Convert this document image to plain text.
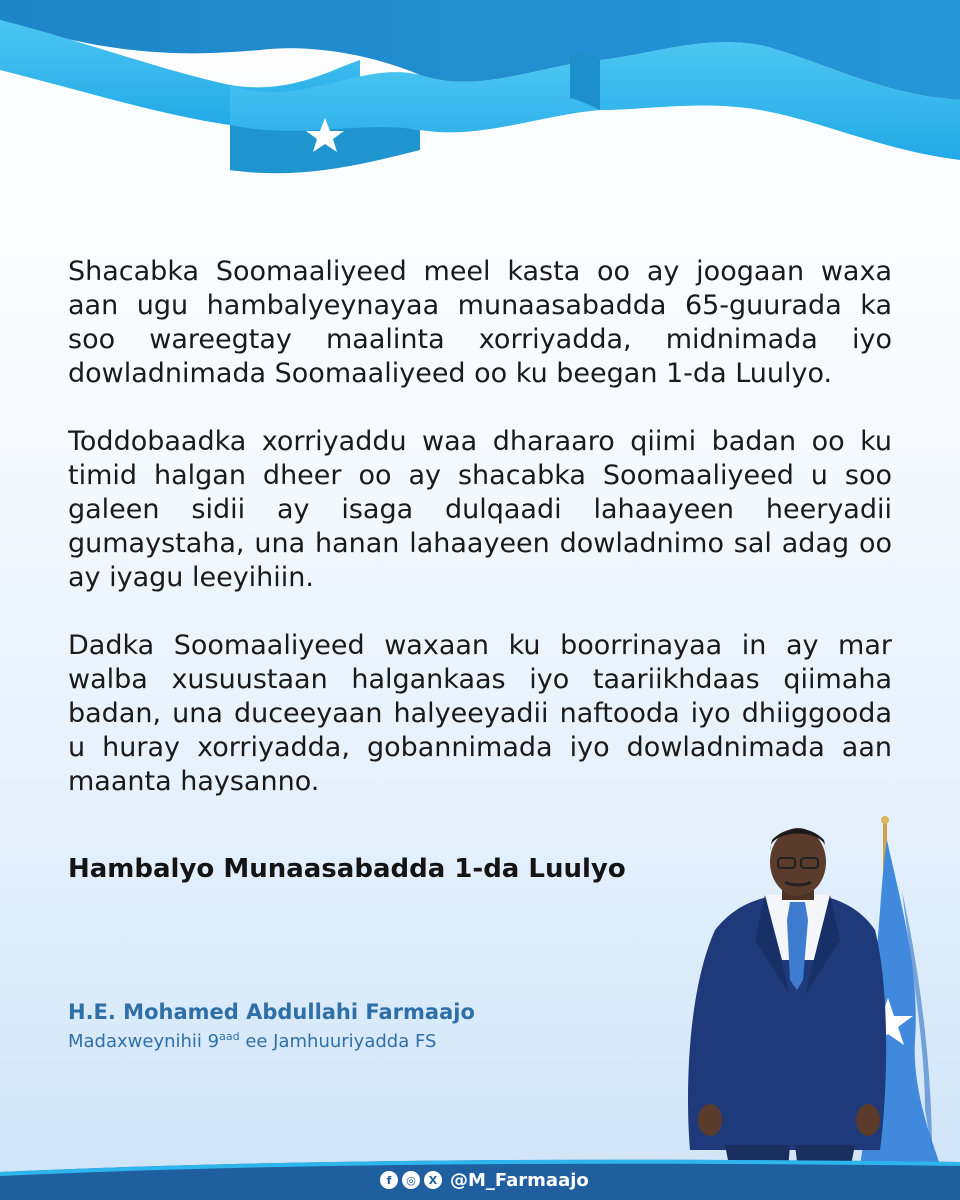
Shacabka Soomaaliyeed meel kasta oo ay joogaan waxa aan ugu hambalyeynayaa munaasabadda 65-guurada ka soo wareegtay maalinta xorriyadda, midnimada iyo dowladnimada Soomaaliyeed oo ku beegan 1-da Luulyo.

Toddobaadka xorriyaddu waa dharaaro qiimi badan oo ku timid halgan dheer oo ay shacabka Soomaaliyeed u soo galeen sidii ay isaga dulqaadi lahaayeen heeryadii gumaystaha, una hanan lahaayeen dowladnimo sal adag oo ay iyagu leeyihiin.

Dadka Soomaaliyeed waxaan ku boorrinayaa in ay mar walba xusuustaan halgankaas iyo taariikhdaas qiimaha badan, una duceeyaan halyeeyadii naftooda iyo dhiiggooda u huray xorriyadda, gobannimada iyo dowladnimada aan maanta haysanno.

Hambalyo Munaasabadda 1-da Luulyo
H.E. Mohamed Abdullahi Farmaajo
Madaxweynihii $9^{aad}$ ee Jamhuuriyadda FS
f	◎	X @M_Farmaajo
